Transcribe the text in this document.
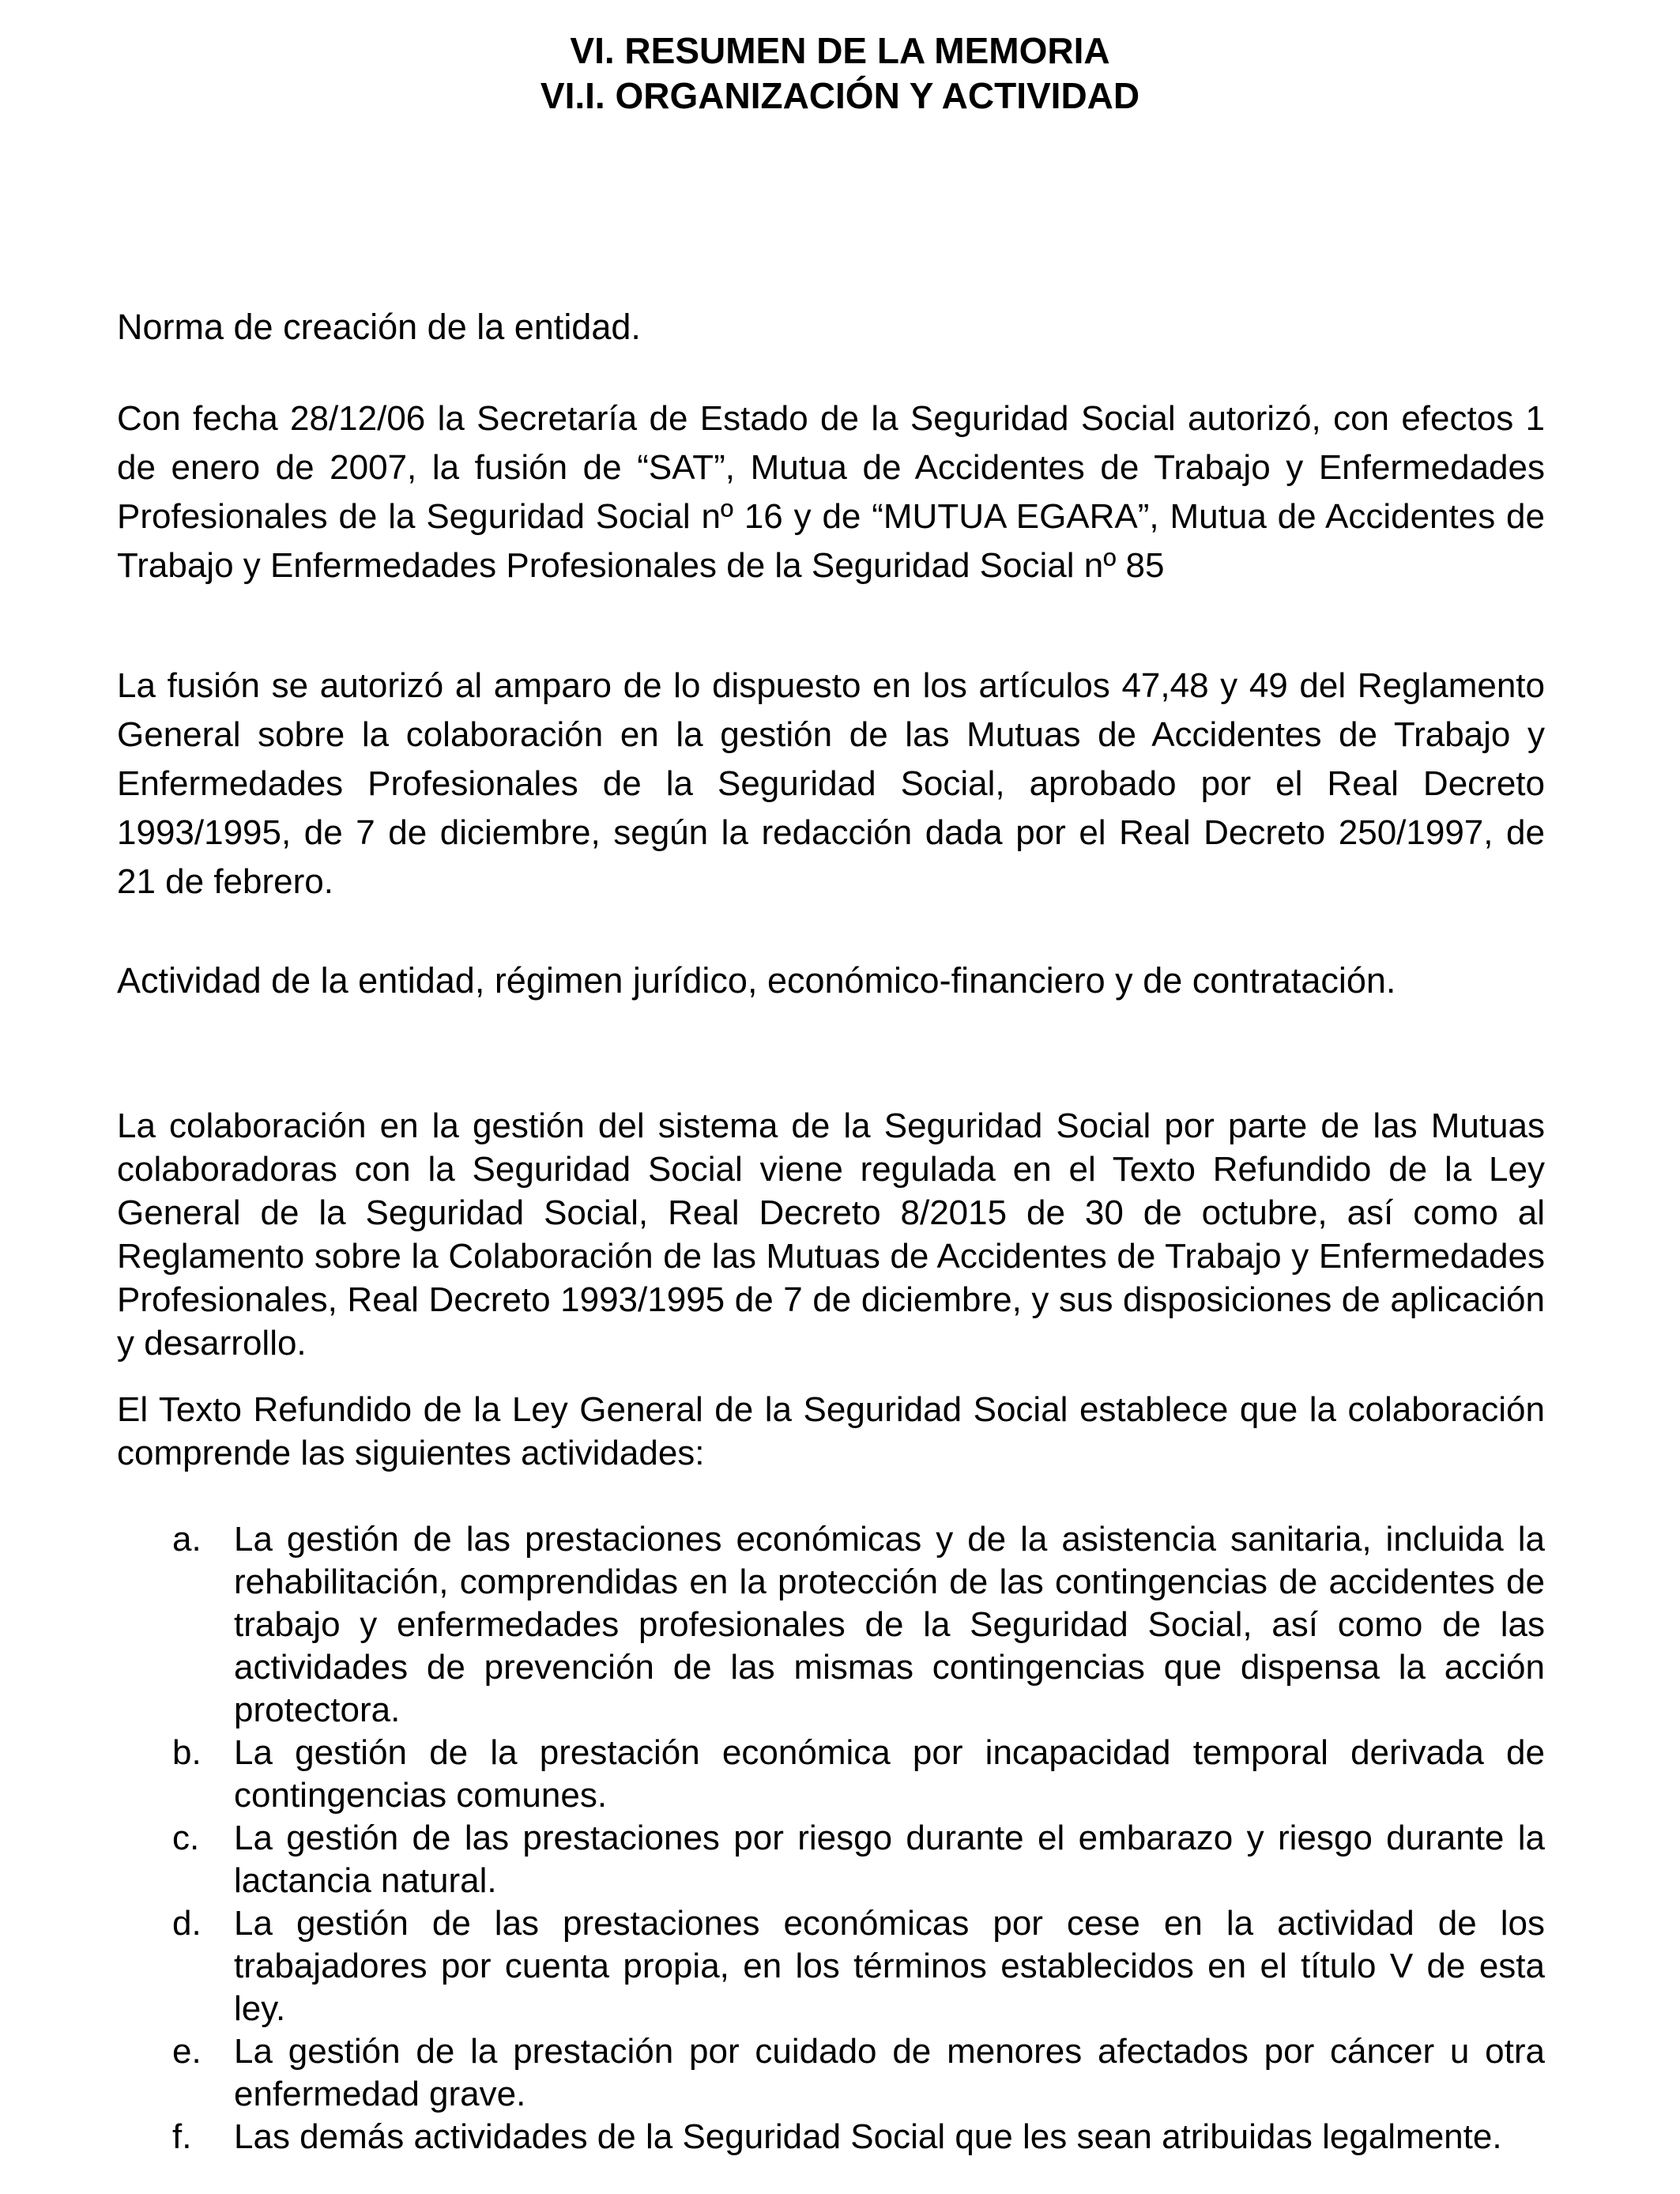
VI. RESUMEN DE LA MEMORIA
VI.I. ORGANIZACIÓN Y ACTIVIDAD
Norma de creación de la entidad.

Con fecha 28/12/06 la Secretaría de Estado de la Seguridad Social autorizó, con efectos 1 de enero de 2007, la fusión de “SAT”, Mutua de Accidentes de Trabajo y Enfermedades Profesionales de la Seguridad Social nº 16 y de “MUTUA EGARA”, Mutua de Accidentes de Trabajo y Enfermedades Profesionales de la Seguridad Social nº 85

La fusión se autorizó al amparo de lo dispuesto en los artículos 47,48 y 49 del Reglamento General sobre la colaboración en la gestión de las Mutuas de Accidentes de Trabajo y Enfermedades Profesionales de la Seguridad Social, aprobado por el Real Decreto 1993/1995, de 7 de diciembre, según la redacción dada por el Real Decreto 250/1997, de 21 de febrero.

Actividad de la entidad, régimen jurídico, económico-financiero y de contratación.

La colaboración en la gestión del sistema de la Seguridad Social por parte de las Mutuas colaboradoras con la Seguridad Social viene regulada en el Texto Refundido de la Ley General de la Seguridad Social, Real Decreto 8/2015 de 30 de octubre, así como al Reglamento sobre la Colaboración de las Mutuas de Accidentes de Trabajo y Enfermedades Profesionales, Real Decreto 1993/1995 de 7 de diciembre, y sus disposiciones de aplicación y desarrollo.

El Texto Refundido de la Ley General de la Seguridad Social establece que la colaboración comprende las siguientes actividades:

a. La gestión de las prestaciones económicas y de la asistencia sanitaria, incluida la rehabilitación, comprendidas en la protección de las contingencias de accidentes de trabajo y enfermedades profesionales de la Seguridad Social, así como de las actividades de prevención de las mismas contingencias que dispensa la acción protectora.
b. La gestión de la prestación económica por incapacidad temporal derivada de contingencias comunes.
c. La gestión de las prestaciones por riesgo durante el embarazo y riesgo durante la lactancia natural.
d. La gestión de las prestaciones económicas por cese en la actividad de los trabajadores por cuenta propia, en los términos establecidos en el título V de esta ley.
e. La gestión de la prestación por cuidado de menores afectados por cáncer u otra enfermedad grave.
f. Las demás actividades de la Seguridad Social que les sean atribuidas legalmente.
